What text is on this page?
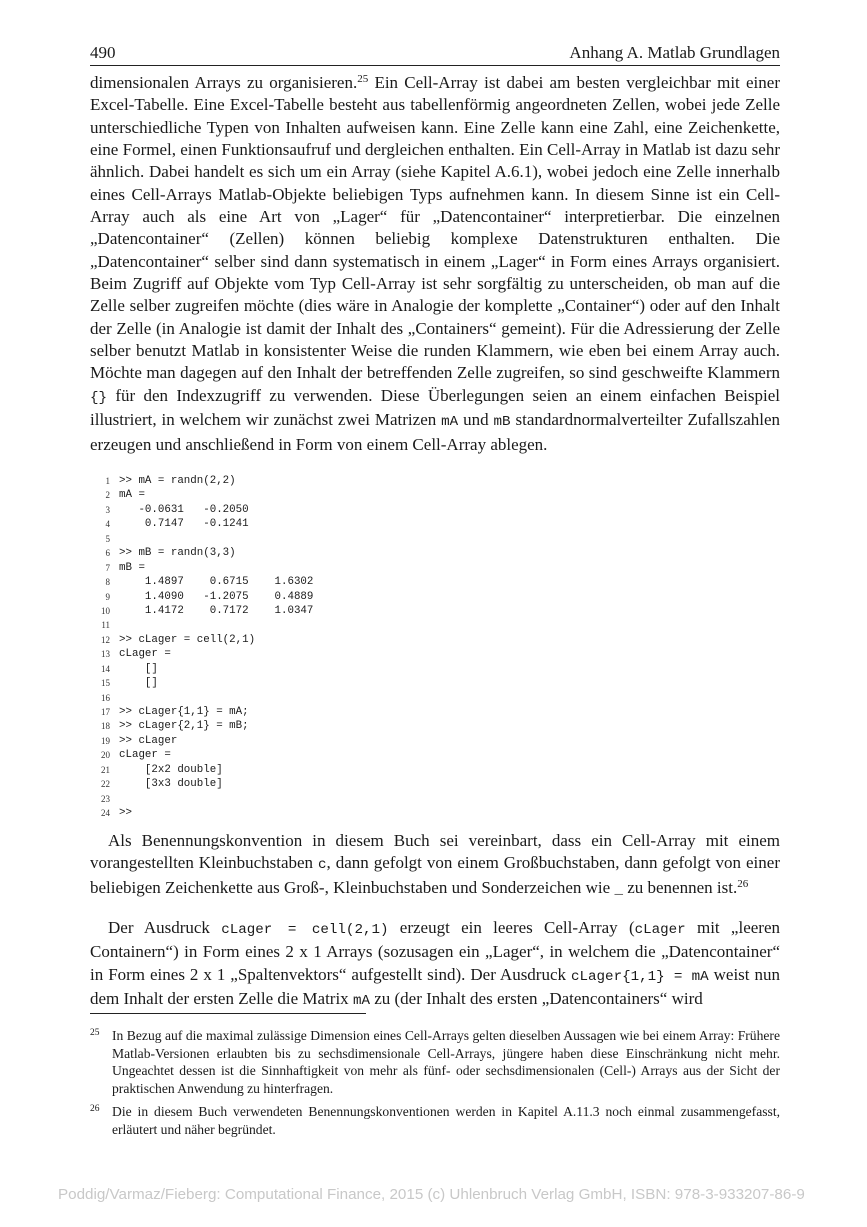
490	Anhang A. Matlab Grundlagen

dimensionalen Arrays zu organisieren.$^{25}$ Ein Cell-Array ist dabei am besten vergleichbar mit einer Excel-Tabelle. Eine Excel-Tabelle besteht aus tabellenförmig angeordneten Zellen, wobei jede Zelle unterschiedliche Typen von Inhalten aufweisen kann. Eine Zelle kann eine Zahl, eine Zeichenkette, eine Formel, einen Funktionsaufruf und dergleichen enthalten. Ein Cell-Array in Matlab ist dazu sehr ähnlich. Dabei handelt es sich um ein Array (siehe Kapitel A.6.1), wobei jedoch eine Zelle innerhalb eines Cell-Arrays Matlab-Objekte beliebigen Typs aufnehmen kann. In diesem Sinne ist ein Cell-Array auch als eine Art von „Lager“ für „Datencontainer“ interpretierbar. Die einzelnen „Datencontainer“ (Zellen) können beliebig komplexe Datenstrukturen enthalten. Die „Datencontainer“ selber sind dann systematisch in einem „Lager“ in Form eines Arrays organisiert. Beim Zugriff auf Objekte vom Typ Cell-Array ist sehr sorgfältig zu unterscheiden, ob man auf die Zelle selber zugreifen möchte (dies wäre in Analogie der komplette „Container“) oder auf den Inhalt der Zelle (in Analogie ist damit der Inhalt des „Containers“ gemeint). Für die Adressierung der Zelle selber benutzt Matlab in konsistenter Weise die runden Klammern, wie eben bei einem Array auch. Möchte man dagegen auf den Inhalt der betreffenden Zelle zugreifen, so sind geschweifte Klammern {} für den Indexzugriff zu verwenden. Diese Überlegungen seien an einem einfachen Beispiel illustriert, in welchem wir zunächst zwei Matrizen mA und mB standardnormalverteilter Zufallszahlen erzeugen und anschließend in Form von einem Cell-Array ablegen.

1 >> mA = randn(2,2)
2 mA =
3 -0.0631   -0.2050
4 0.7147   -0.1241
5
6 >> mB = randn(3,3)
7 mB =
8 1.4897    0.6715    1.6302
9 1.4090   -1.2075    0.4889
10 1.4172    0.7172    1.0347
11
12 >> cLager = cell(2,1)
13 cLager =
14 []
15 []
16
17 >> cLager{1,1} = mA;
18 >> cLager{2,1} = mB;
19 >> cLager
20 cLager =
21 [2x2 double]
22 [3x3 double]
23
24 >>

Als Benennungskonvention in diesem Buch sei vereinbart, dass ein Cell-Array mit einem vorangestellten Kleinbuchstaben c, dann gefolgt von einem Großbuchstaben, dann gefolgt von einer beliebigen Zeichenkette aus Groß-, Kleinbuchstaben und Sonderzeichen wie _ zu benennen ist.$^{26}$

Der Ausdruck cLager = cell(2,1) erzeugt ein leeres Cell-Array (cLager mit „leeren Containern“) in Form eines 2 x 1 Arrays (sozusagen ein „Lager“, in welchem die „Datencontainer“ in Form eines 2 x 1 „Spaltenvektors“ aufgestellt sind). Der Ausdruck cLager{1,1} = mA weist nun dem Inhalt der ersten Zelle die Matrix mA zu (der Inhalt des ersten „Datencontainers“ wird

25 In Bezug auf die maximal zulässige Dimension eines Cell-Arrays gelten dieselben Aussagen wie bei einem Array: Frühere Matlab-Versionen erlaubten bis zu sechsdimensionale Cell-Arrays, jüngere haben diese Einschränkung nicht mehr. Ungeachtet dessen ist die Sinnhaftigkeit von mehr als fünf- oder sechsdimensionalen (Cell-) Arrays aus der Sicht der praktischen Anwendung zu hinterfragen.
26 Die in diesem Buch verwendeten Benennungskonventionen werden in Kapitel A.11.3 noch einmal zusammengefasst, erläutert und näher begründet.
Poddig/Varmaz/Fieberg: Computational Finance, 2015 (c) Uhlenbruch Verlag GmbH, ISBN: 978-3-933207-86-9
